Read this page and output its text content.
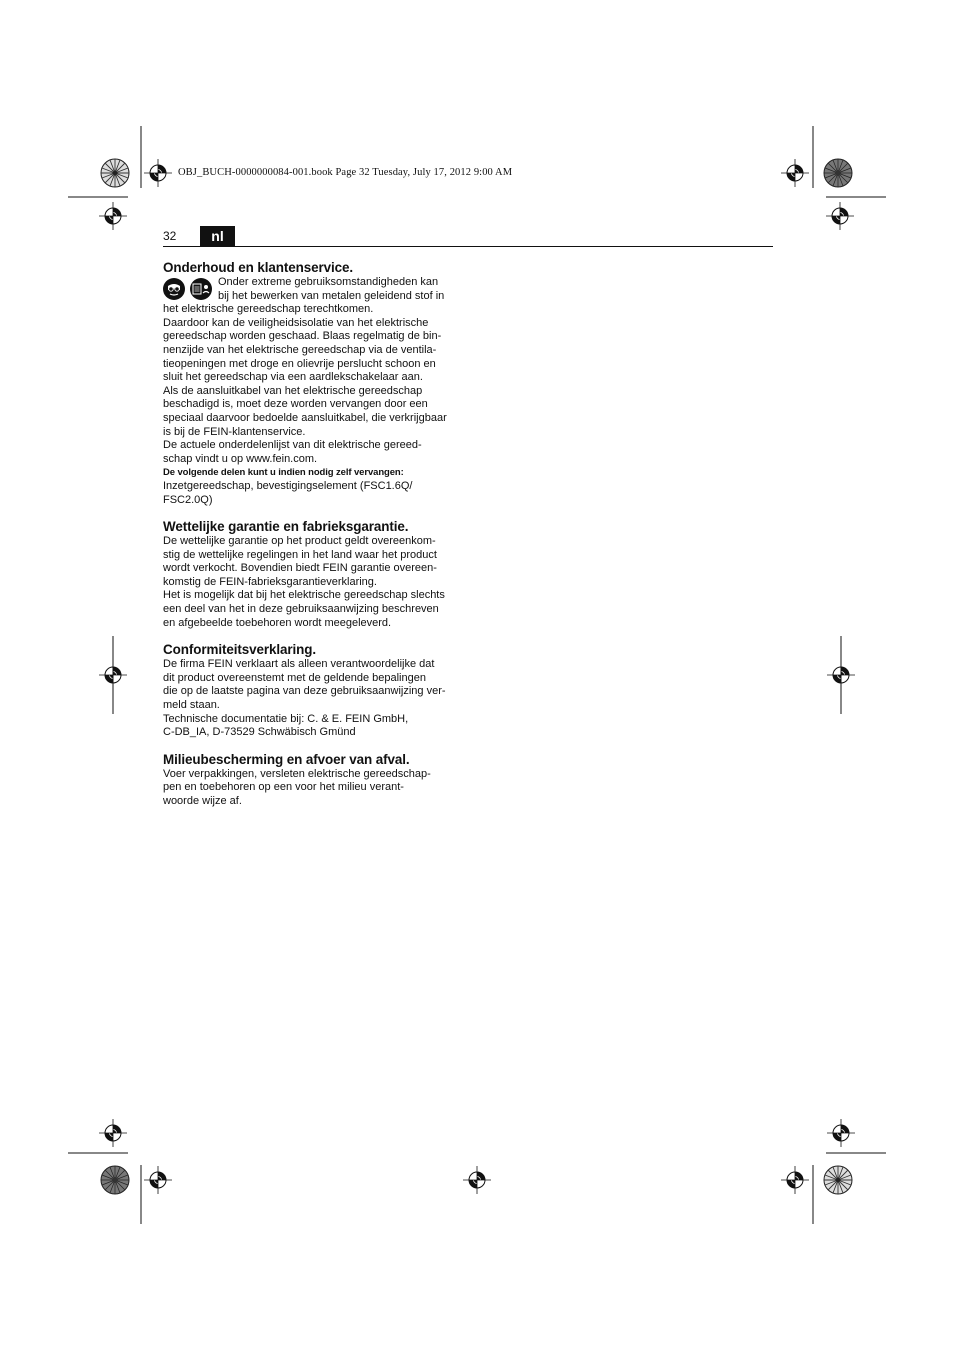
OBJ_BUCH-0000000084-001.book Page 32 Tuesday, July 17, 2012 9:00 AM
32	nl
Onderhoud en klantenservice.

Onder extreme gebruiksomstandigheden kan
bij het bewerken van metalen geleidend stof in
het elektrische gereedschap terechtkomen.

Daardoor kan de veiligheidsisolatie van het elektrische
gereedschap worden geschaad. Blaas regelmatig de bin-
nenzijde van het elektrische gereedschap via de ventila-
tieopeningen met droge en olievrije perslucht schoon en
sluit het gereedschap via een aardlekschakelaar aan.

Als de aansluitkabel van het elektrische gereedschap
beschadigd is, moet deze worden vervangen door een
speciaal daarvoor bedoelde aansluitkabel, die verkrijgbaar
is bij de FEIN-klantenservice.

De actuele onderdelenlijst van dit elektrische gereed-
schap vindt u op www.fein.com.

De volgende delen kunt u indien nodig zelf vervangen:

Inzetgereedschap, bevestigingselement (FSC1.6Q/
FSC2.0Q)

Wettelijke garantie en fabrieksgarantie.

De wettelijke garantie op het product geldt overeenkom-
stig de wettelijke regelingen in het land waar het product
wordt verkocht. Bovendien biedt FEIN garantie overeen-
komstig de FEIN-fabrieksgarantieverklaring.

Het is mogelijk dat bij het elektrische gereedschap slechts
een deel van het in deze gebruiksaanwijzing beschreven
en afgebeelde toebehoren wordt meegeleverd.

Conformiteitsverklaring.

De firma FEIN verklaart als alleen verantwoordelijke dat
dit product overeenstemt met de geldende bepalingen
die op de laatste pagina van deze gebruiksaanwijzing ver-
meld staan.

Technische documentatie bij: C. & E. FEIN GmbH,
C-DB_IA, D-73529 Schwäbisch Gmünd

Milieubescherming en afvoer van afval.

Voer verpakkingen, versleten elektrische gereedschap-
pen en toebehoren op een voor het milieu verant-
woorde wijze af.
